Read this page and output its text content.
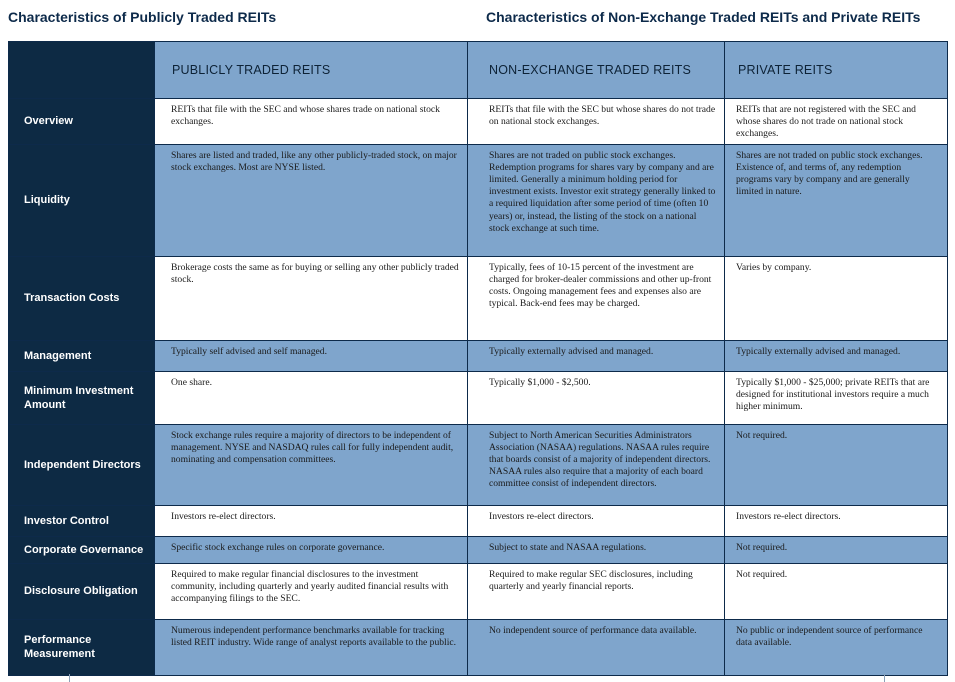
Characteristics of Publicly Traded REITs	Characteristics of Non-Exchange Traded REITs and Private REITs
	PUBLICLY TRADED REITS	NON-EXCHANGE TRADED REITS	PRIVATE REITS
Overview	REITs that file with the SEC and whose shares trade on national stock exchanges.	REITs that file with the SEC but whose shares do not trade on national stock exchanges.	REITs that are not registered with the SEC and whose shares do not trade on national stock exchanges.
Liquidity	Shares are listed and traded, like any other publicly-traded stock, on major stock exchanges. Most are NYSE listed.	Shares are not traded on public stock exchanges. Redemption programs for shares vary by company and are limited. Generally a minimum holding period for investment exists. Investor exit strategy generally linked to a required liquidation after some period of time (often 10 years) or, instead, the listing of the stock on a national stock exchange at such time.	Shares are not traded on public stock exchanges. Existence of, and terms of, any redemption programs vary by company and are generally limited in nature.
Transaction Costs	Brokerage costs the same as for buying or selling any other publicly traded stock.	Typically, fees of 10-15 percent of the investment are charged for broker-dealer commissions and other up-front costs. Ongoing management fees and expenses also are typical. Back-end fees may be charged.	Varies by company.
Management	Typically self advised and self managed.	Typically externally advised and managed.	Typically externally advised and managed.
Minimum Investment Amount	One share.	Typically $1,000 - $2,500.	Typically $1,000 - $25,000; private REITs that are designed for institutional investors require a much higher minimum.
Independent Directors	Stock exchange rules require a majority of directors to be independent of management. NYSE and NASDAQ rules call for fully independent audit, nominating and compensation committees.	Subject to North American Securities Administrators Association (NASAA) regulations. NASAA rules require that boards consist of a majority of independent directors. NASAA rules also require that a majority of each board committee consist of independent directors.	Not required.
Investor Control	Investors re-elect directors.	Investors re-elect directors.	Investors re-elect directors.
Corporate Governance	Specific stock exchange rules on corporate governance.	Subject to state and NASAA regulations.	Not required.
Disclosure Obligation	Required to make regular financial disclosures to the investment community, including quarterly and yearly audited financial results with accompanying filings to the SEC.	Required to make regular SEC disclosures, including quarterly and yearly financial reports.	Not required.
Performance Measurement	Numerous independent performance benchmarks available for tracking listed REIT industry. Wide range of analyst reports available to the public.	No independent source of performance data available.	No public or independent source of performance data available.
